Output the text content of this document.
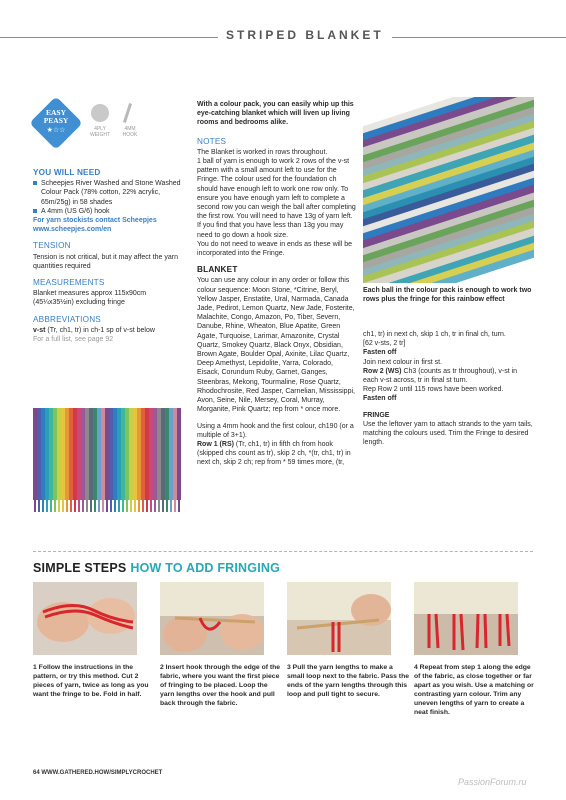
STRIPED BLANKET
EASY
PEASY
★☆☆	4PLY
WEIGHT
4MM
HOOK
YOU WILL NEED
Scheepjes River Washed and Stone Washed Colour Pack (78% cotton, 22% acrylic, 65m/25g) in 58 shades
A 4mm (US G/6) hook
For yarn stockists contact Scheepjes
www.scheepjes.com/en
TENSION
Tension is not critical, but it may affect the yarn quantities required
MEASUREMENTS
Blanket measures approx 115x90cm (45¼x35½in) excluding fringe
ABBREVIATIONS
v-st (Tr, ch1, tr) in ch-1 sp of v-st below
For a full list, see page 92
With a colour pack, you can easily whip up this eye-catching blanket which will liven up living rooms and bedrooms alike.
NOTES
The Blanket is worked in rows throughout.
1 ball of yarn is enough to work 2 rows of the v-st pattern with a small amount left to use for the Fringe. The colour used for the foundation ch should have enough left to work one row only. To ensure you have enough yarn left to complete a second row you can weigh the ball after completing the first row. You will need to have 13g of yarn left.
If you find that you have less than 13g you may need to go down a hook size.
You do not need to weave in ends as these will be incorporated into the Fringe.
BLANKET
You can use any colour in any order or follow this colour sequence: Moon Stone, *Citrine, Beryl, Yellow Jasper, Enstatite, Ural, Narmada, Canada Jade, Pedirot, Lemon Quartz, New Jade, Fosterite, Malachite, Congo, Amazon, Po, Tiber, Severn, Danube, Rhine, Wheaton, Blue Apatite, Green Agate, Turquoise, Larimar, Amazonite, Crystal Quartz, Smokey Quartz, Black Onyx, Obsidian, Brown Agate, Boulder Opal, Axinite, Lilac Quartz, Deep Amethyst, Lepidolite, Yarra, Colorado, Eisack, Corundum Ruby, Garnet, Ganges, Steenbras, Mekong, Tourmaline, Rose Quartz, Rhodochrosite, Red Jasper, Carnelian, Mississippi, Avon, Seine, Nile, Mersey, Coral, Murray, Morganite, Pink Quartz; rep from * once more.
Using a 4mm hook and the first colour, ch190 (or a multiple of 3+1).
Row 1 (RS) (Tr, ch1, tr) in fifth ch from hook (skipped chs count as tr), skip 2 ch, *(tr, ch1, tr) in next ch, skip 2 ch; rep from * 59 times more, (tr,
Each ball in the colour pack is enough to work two rows plus the fringe for this rainbow effect
ch1, tr) in next ch, skip 1 ch, tr in final ch, turn.
[62 v-sts, 2 tr]
Fasten off
Join next colour in first st.
Row 2 (WS) Ch3 (counts as tr throughout), v-st in each v-st across, tr in final st turn.
Rep Row 2 until 115 rows have been worked.
Fasten off
FRINGE
Use the leftover yarn to attach strands to the yarn tails, matching the colours used. Trim the Fringe to desired length.
SIMPLE STEPS HOW TO ADD FRINGING
1 Follow the instructions in the pattern, or try this method. Cut 2 pieces of yarn, twice as long as you want the fringe to be. Fold in half.
2 Insert hook through the edge of the fabric, where you want the first piece of fringing to be placed. Loop the yarn lengths over the hook and pull back through the fabric.
3 Pull the yarn lengths to make a small loop next to the fabric. Pass the ends of the yarn lengths through this loop and pull tight to secure.
4 Repeat from step 1 along the edge of the fabric, as close together or far apart as you wish. Use a matching or contrasting yarn colour. Trim any uneven lengths of yarn to create a neat finish.
64 WWW.GATHERED.HOW/SIMPLYCROCHET
PassionForum.ru
